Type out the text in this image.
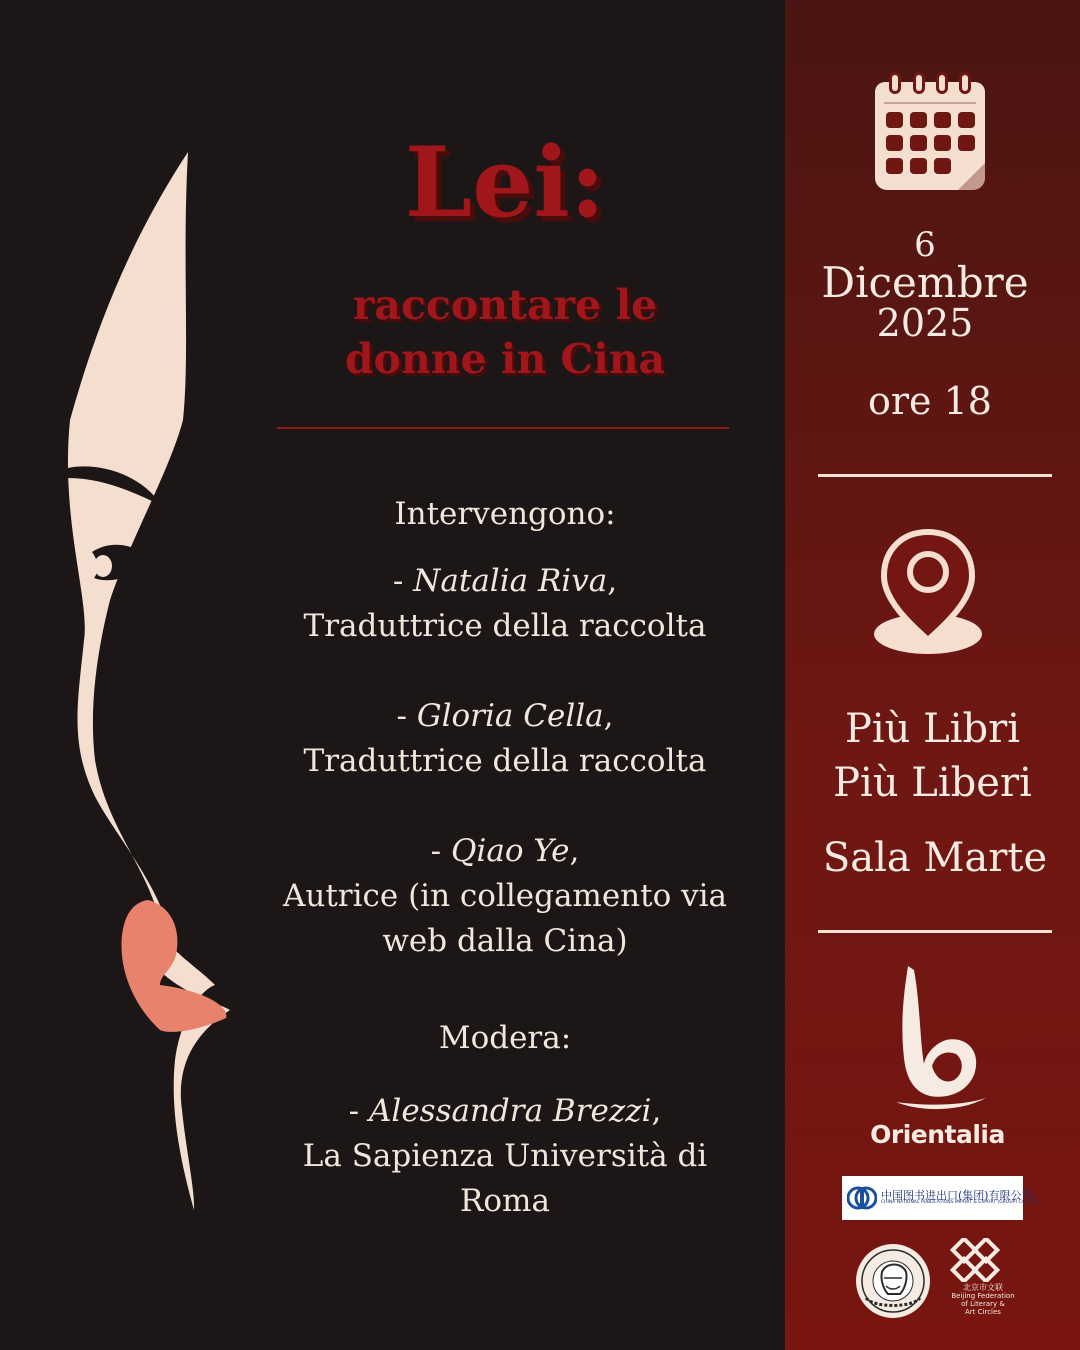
Lei:
raccontare le
donne in Cina
Intervengono:
- Natalia Riva,
Traduttrice della raccolta
- Gloria Cella,
Traduttrice della raccolta
- Qiao Ye,
Autrice (in collegamento via
web dalla Cina)
Modera:
- Alessandra Brezzi,
La Sapienza Università di
Roma
6
Dicembre
2025
ore 18
Più Libri
Più Liberi
Sala Marte
Orientalia
中国图书进出口(集团)有限公司
CHINA NATIONAL PUBLICATIONS IMPORT & EXPORT (GROUP) CO., LTD.
北京市文联
Beijing Federation
of Literary &
Art Circles
